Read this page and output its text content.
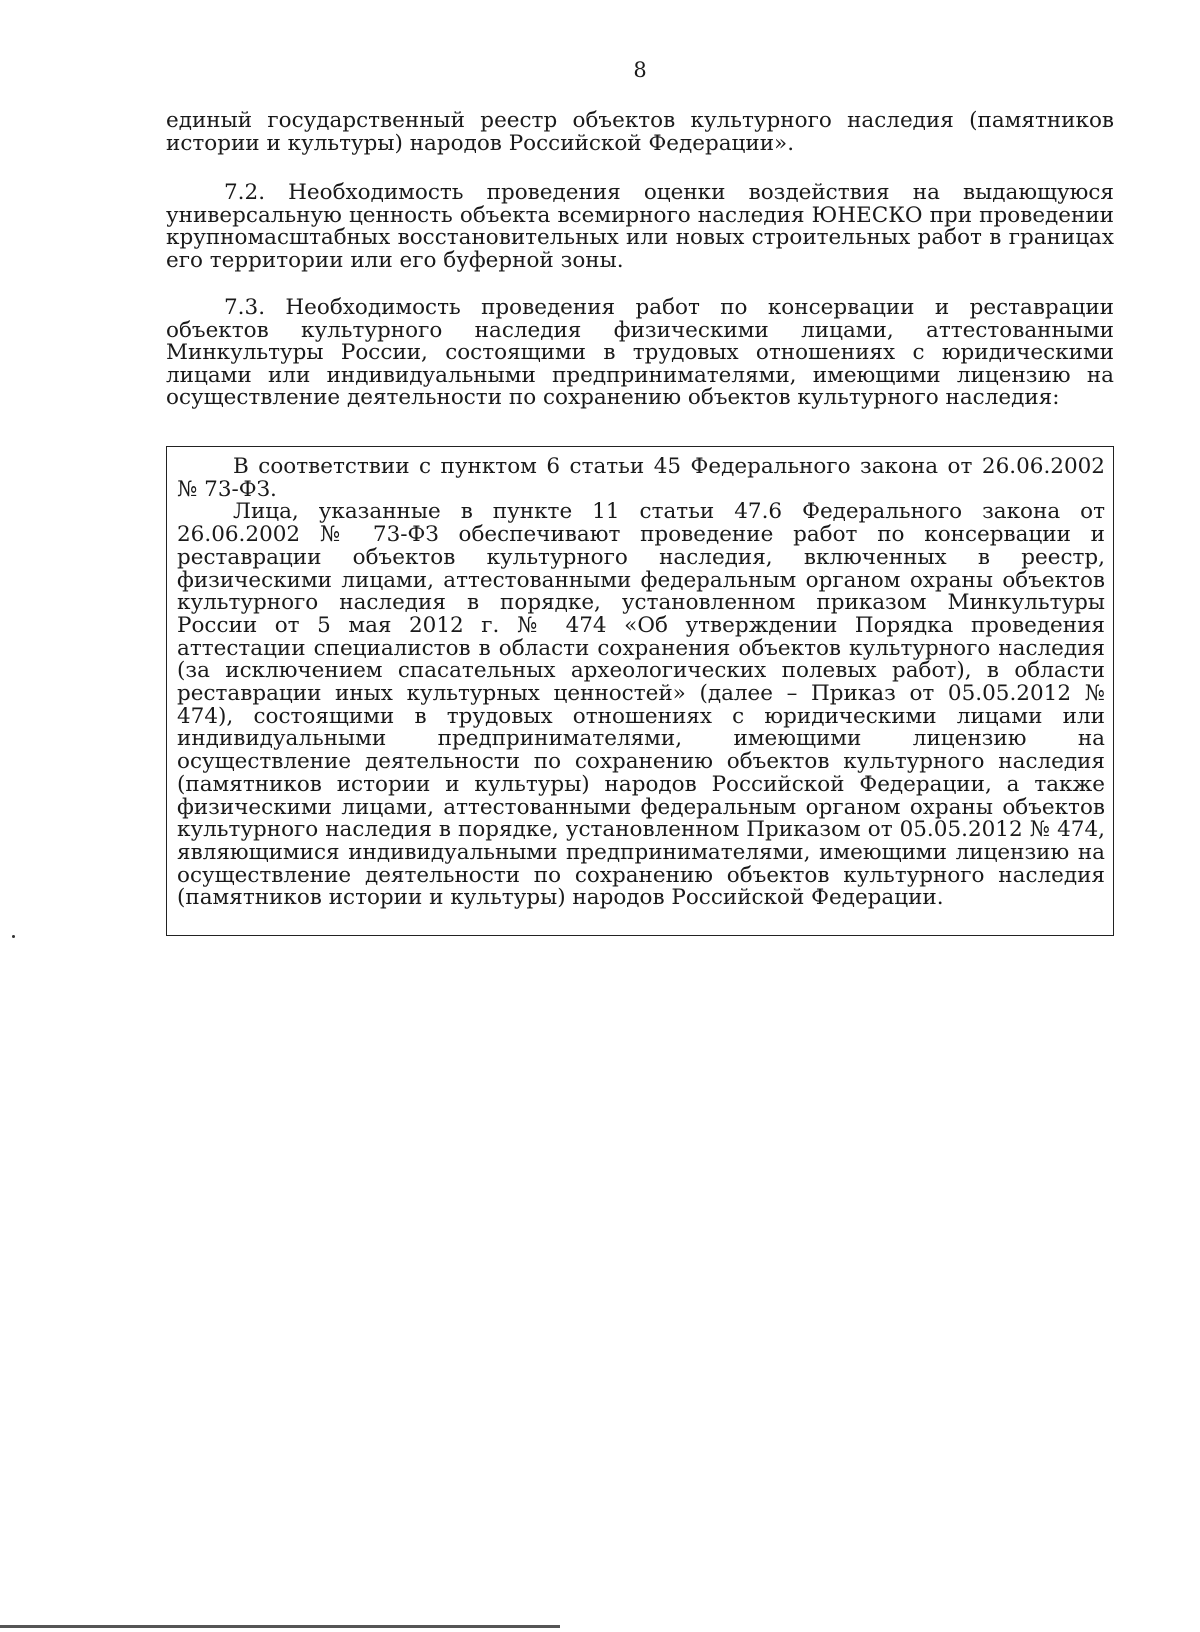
8

единый государственный реестр объектов культурного наследия (памятников истории и культуры) народов Российской Федерации».

7.2. Необходимость проведения оценки воздействия на выдающуюся универсальную ценность объекта всемирного наследия ЮНЕСКО при проведении крупномасштабных восстановительных или новых строительных работ в границах его территории или его буферной зоны.

7.3. Необходимость проведения работ по консервации и реставрации объектов культурного наследия физическими лицами, аттестованными Минкультуры России, состоящими в трудовых отношениях с юридическими лицами или индивидуальными предпринимателями, имеющими лицензию на осуществление деятельности по сохранению объектов культурного наследия:

В соответствии с пунктом 6 статьи 45 Федерального закона от 26.06.2002 № 73-ФЗ.

Лица, указанные в пункте 11 статьи 47.6 Федерального закона от 26.06.2002 № 73-ФЗ обеспечивают проведение работ по консервации и реставрации объектов культурного наследия, включенных в реестр, физическими лицами, аттестованными федеральным органом охраны объектов культурного наследия в порядке, установленном приказом Минкультуры России от 5 мая 2012 г. № 474 «Об утверждении Порядка проведения аттестации специалистов в области сохранения объектов культурного наследия (за исключением спасательных археологических полевых работ), в области реставрации иных культурных ценностей» (далее – Приказ от 05.05.2012 № 474), состоящими в трудовых отношениях с юридическими лицами или индивидуальными предпринимателями, имеющими лицензию на осуществление деятельности по сохранению объектов культурного наследия (памятников истории и культуры) народов Российской Федерации, а также физическими лицами, аттестованными федеральным органом охраны объектов культурного наследия в порядке, установленном Приказом от 05.05.2012 № 474, являющимися индивидуальными предпринимателями, имеющими лицензию на осуществление деятельности по сохранению объектов культурного наследия (памятников истории и культуры) народов Российской Федерации.
